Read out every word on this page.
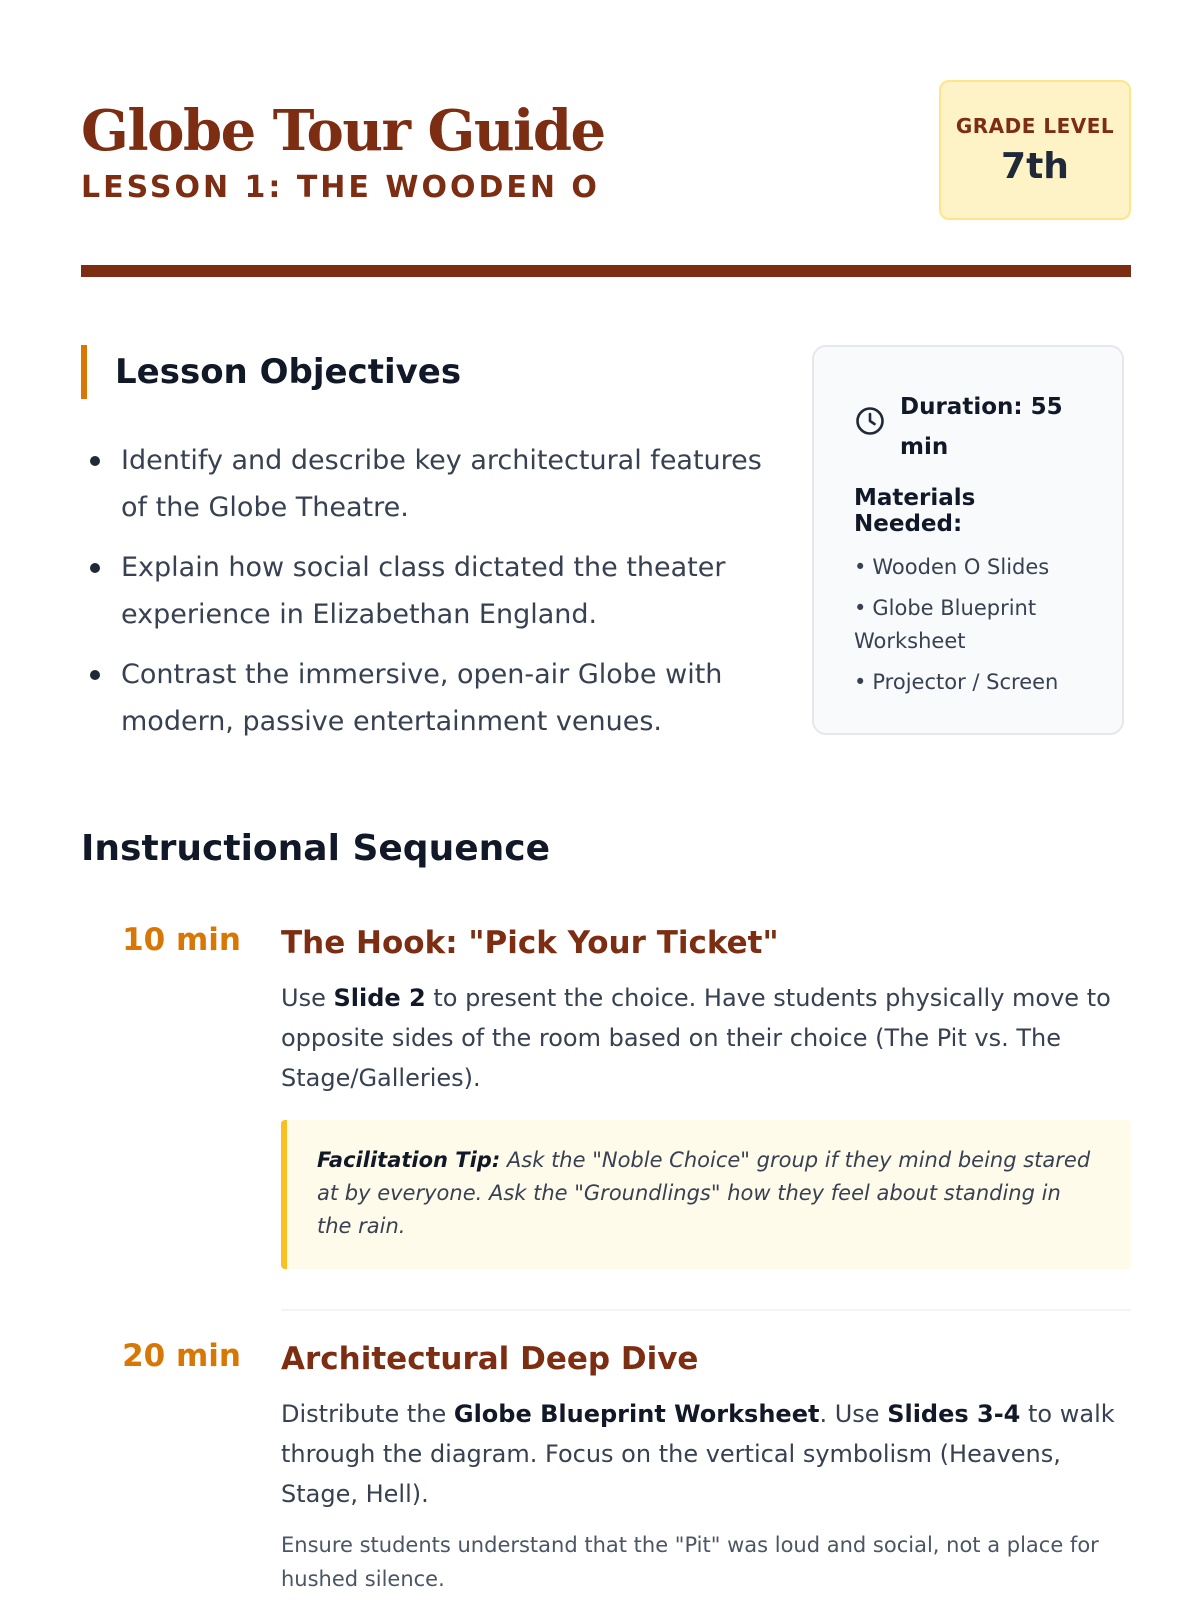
Globe Tour Guide
LESSON 1: THE WOODEN O
GRADE LEVEL
7th
Lesson Objectives
Identify and describe key architectural features of the Globe Theatre.
Explain how social class dictated the theater experience in Elizabethan England.
Contrast the immersive, open-air Globe with modern, passive entertainment venues.
Duration: 55 min
Materials Needed:
• Wooden O Slides
• Globe Blueprint Worksheet
• Projector / Screen
Instructional Sequence
10 min The Hook: "Pick Your Ticket"
Use Slide 2 to present the choice. Have students physically move to opposite sides of the room based on their choice (The Pit vs. The Stage/Galleries).
Facilitation Tip: Ask the "Noble Choice" group if they mind being stared at by everyone. Ask the "Groundlings" how they feel about standing in the rain.
20 min Architectural Deep Dive
Distribute the Globe Blueprint Worksheet. Use Slides 3-4 to walk through the diagram. Focus on the vertical symbolism (Heavens, Stage, Hell).
Ensure students understand that the "Pit" was loud and social, not a place for hushed silence.
